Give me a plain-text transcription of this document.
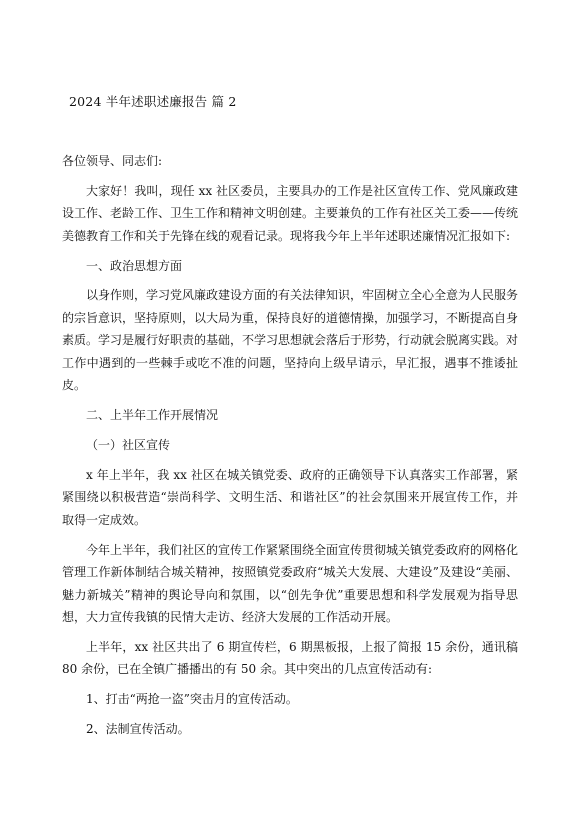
2024 半年述职述廉报告 篇 2

各位领导、同志们:

大家好！我叫，现任 xx 社区委员，主要具办的工作是社区宣传工作、党风廉政建设工作、老龄工作、卫生工作和精神文明创建。主要兼负的工作有社区关工委——传统美德教育工作和关于先锋在线的观看记录。现将我今年上半年述职述廉情况汇报如下:

一、政治思想方面

以身作则，学习党风廉政建设方面的有关法律知识，牢固树立全心全意为人民服务的宗旨意识，坚持原则，以大局为重，保持良好的道德情操，加强学习，不断提高自身素质。学习是履行好职责的基础，不学习思想就会落后于形势，行动就会脱离实践。对工作中遇到的一些棘手或吃不准的问题，坚持向上级早请示，早汇报，遇事不推诿扯皮。

二、上半年工作开展情况

（一）社区宣传

x 年上半年，我 xx 社区在城关镇党委、政府的正确领导下认真落实工作部署，紧紧围绕以积极营造“崇尚科学、文明生活、和谐社区”的社会氛围来开展宣传工作，并取得一定成效。

今年上半年，我们社区的宣传工作紧紧围绕全面宣传贯彻城关镇党委政府的网格化管理工作新体制结合城关精神，按照镇党委政府“城关大发展、大建设”及建设“美丽、魅力新城关”精神的舆论导向和氛围，以“创先争优”重要思想和科学发展观为指导思想，大力宣传我镇的民情大走访、经济大发展的工作活动开展。

上半年，xx 社区共出了 6 期宣传栏，6 期黑板报，上报了简报 15 余份，通讯稿 80 余份，已在全镇广播播出的有 50 余。其中突出的几点宣传活动有:

1、打击“两抢一盗”突击月的宣传活动。

2、法制宣传活动。
